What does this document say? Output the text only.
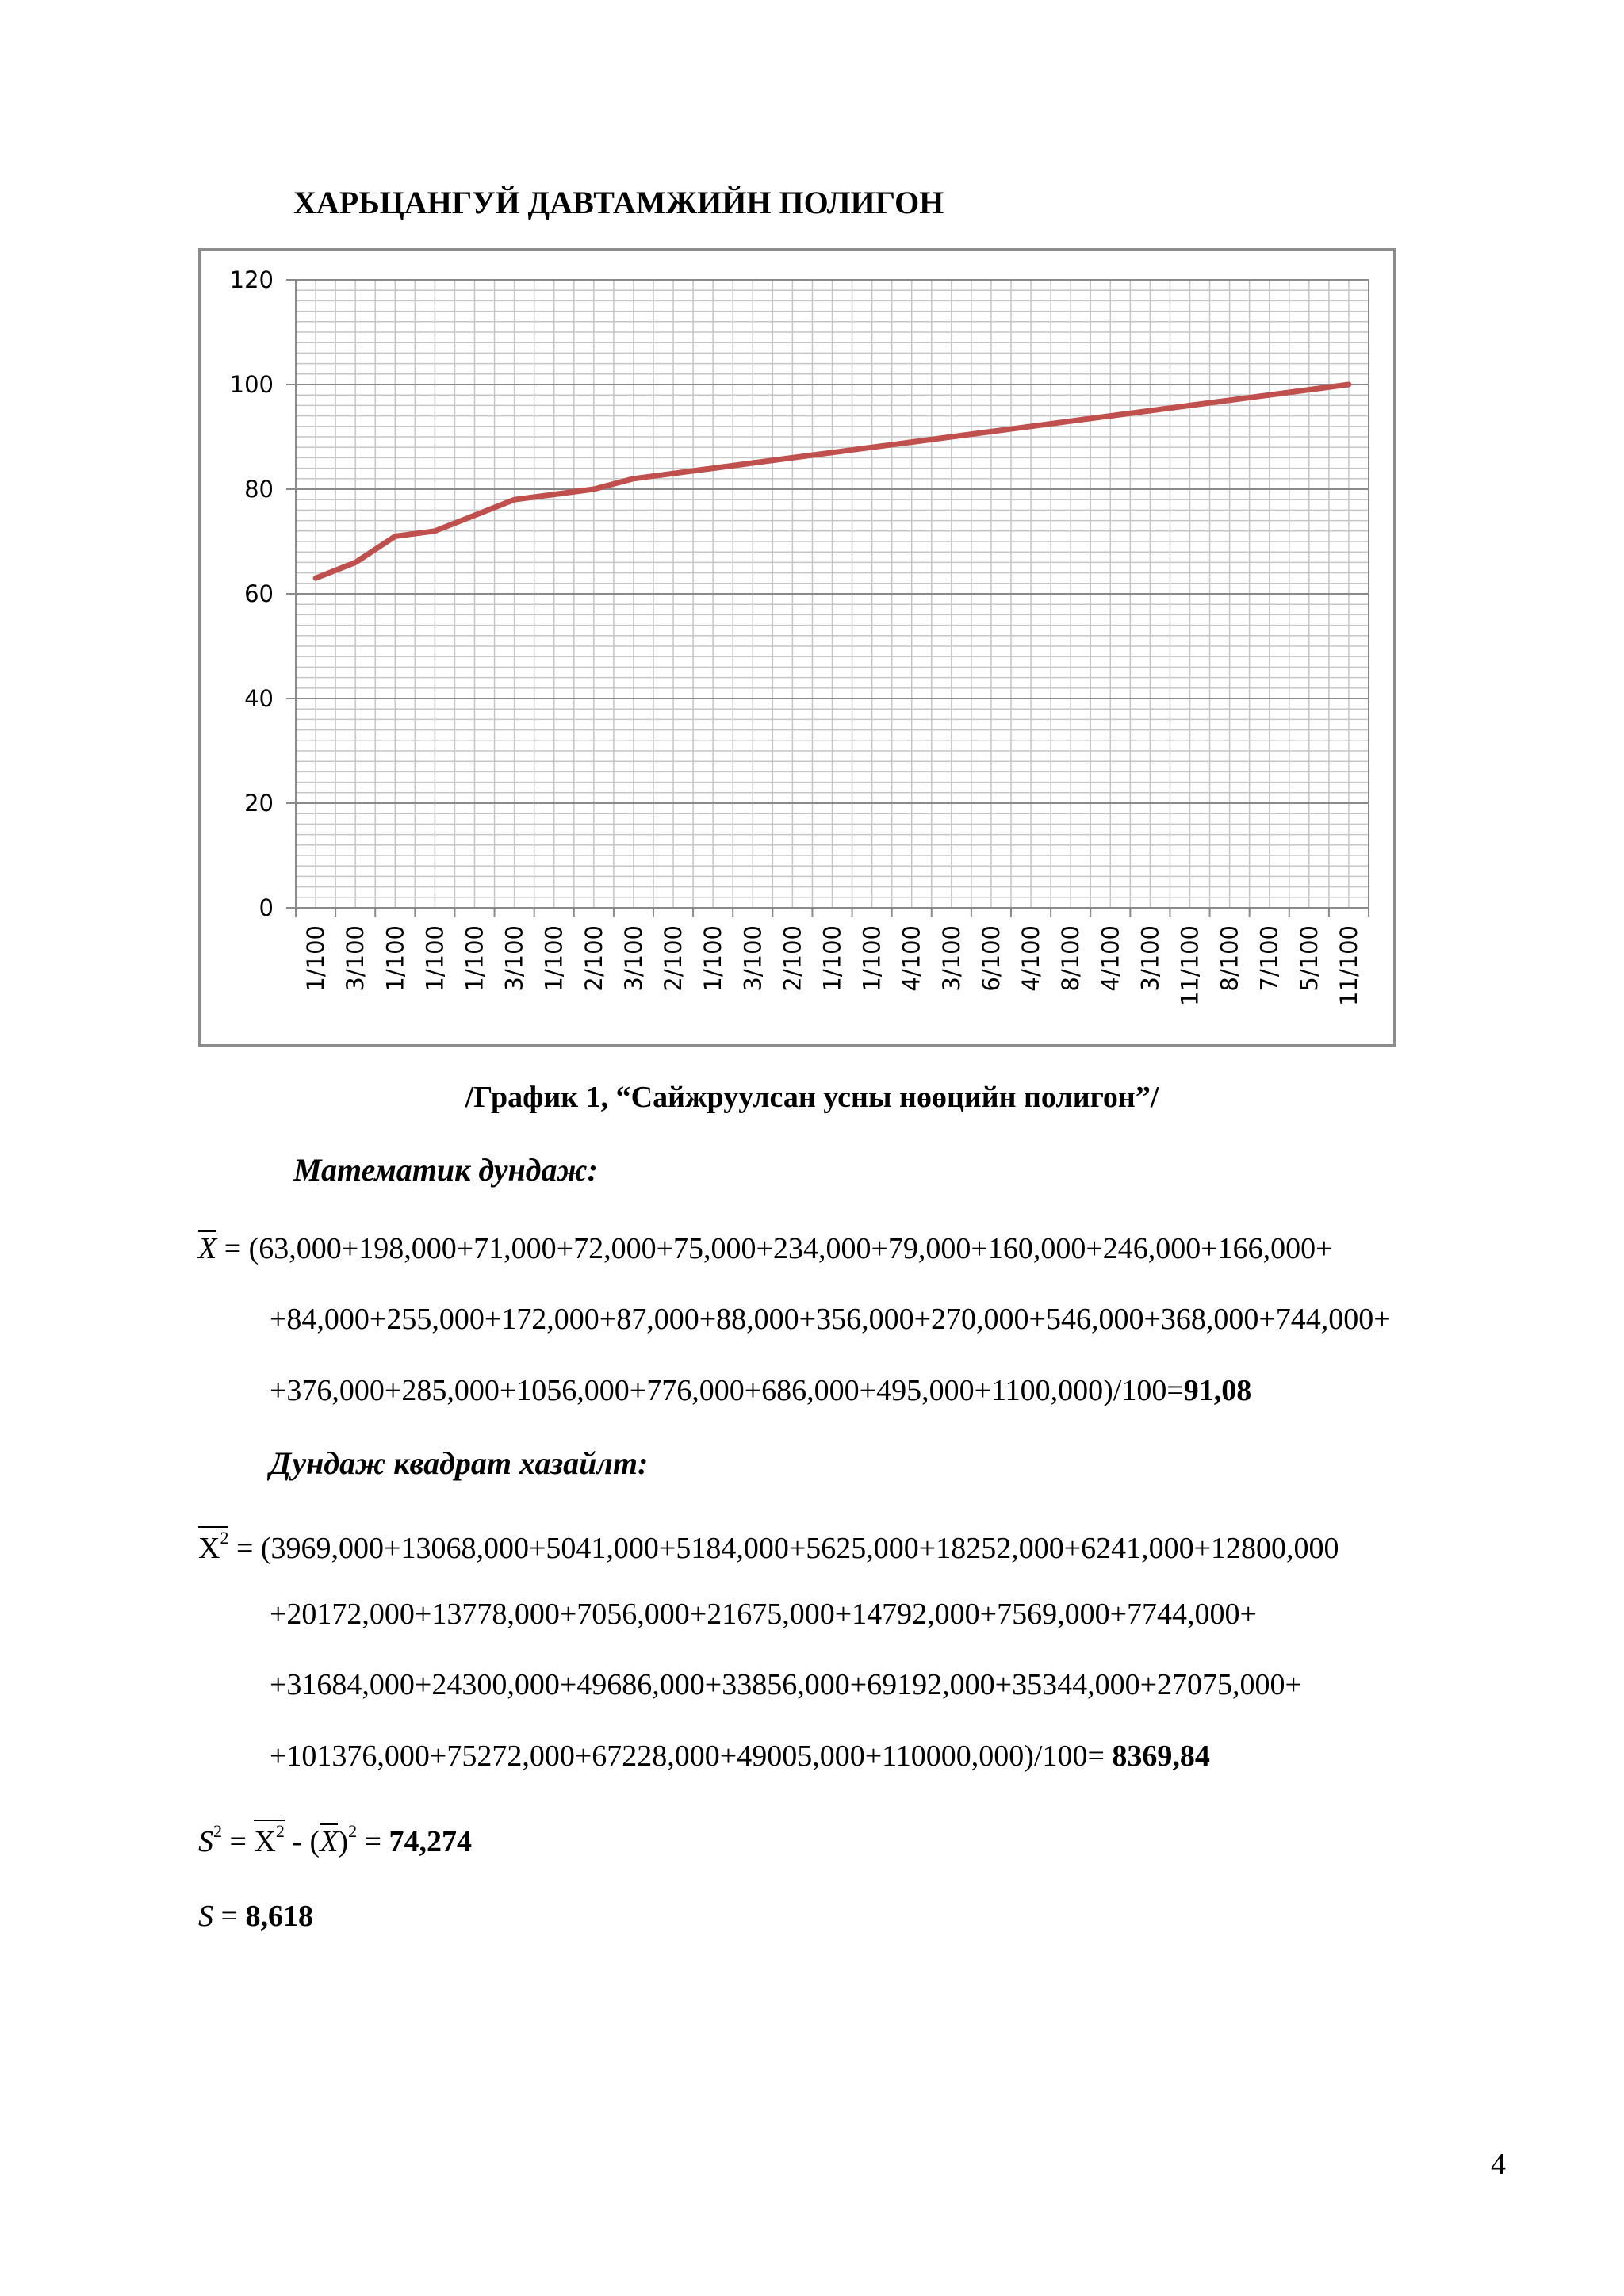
ХАРЬЦАНГУЙ ДАВТАМЖИЙН ПОЛИГОН
0
20
40
60
80
100
120
1/100 3/100 1/100 1/100 1/100 3/100 1/100 2/100 3/100 2/100 1/100 3/100 2/100 1/100 1/100 4/100 3/100 6/100 4/100 8/100 4/100 3/100 11/100 8/100 7/100 5/100 11/100
/График 1, “Сайжруулсан усны нөөцийн полигон”/
Математик дундаж:
X = (63,000+198,000+71,000+72,000+75,000+234,000+79,000+160,000+246,000+166,000+
+84,000+255,000+172,000+87,000+88,000+356,000+270,000+546,000+368,000+744,000+
+376,000+285,000+1056,000+776,000+686,000+495,000+1100,000)/100=91,08
Дундаж квадрат хазайлт:
$X^2 = (3969,000+13068,000+5041,000+5184,000+5625,000+18252,000+6241,000+12800,000$
+20172,000+13778,000+7056,000+21675,000+14792,000+7569,000+7744,000+
+31684,000+24300,000+49686,000+33856,000+69192,000+35344,000+27075,000+
+101376,000+75272,000+67228,000+49005,000+110000,000)/100= 8369,84
$S^2 = X^2 - (X)^2 = 74,274$
S = 8,618
4
